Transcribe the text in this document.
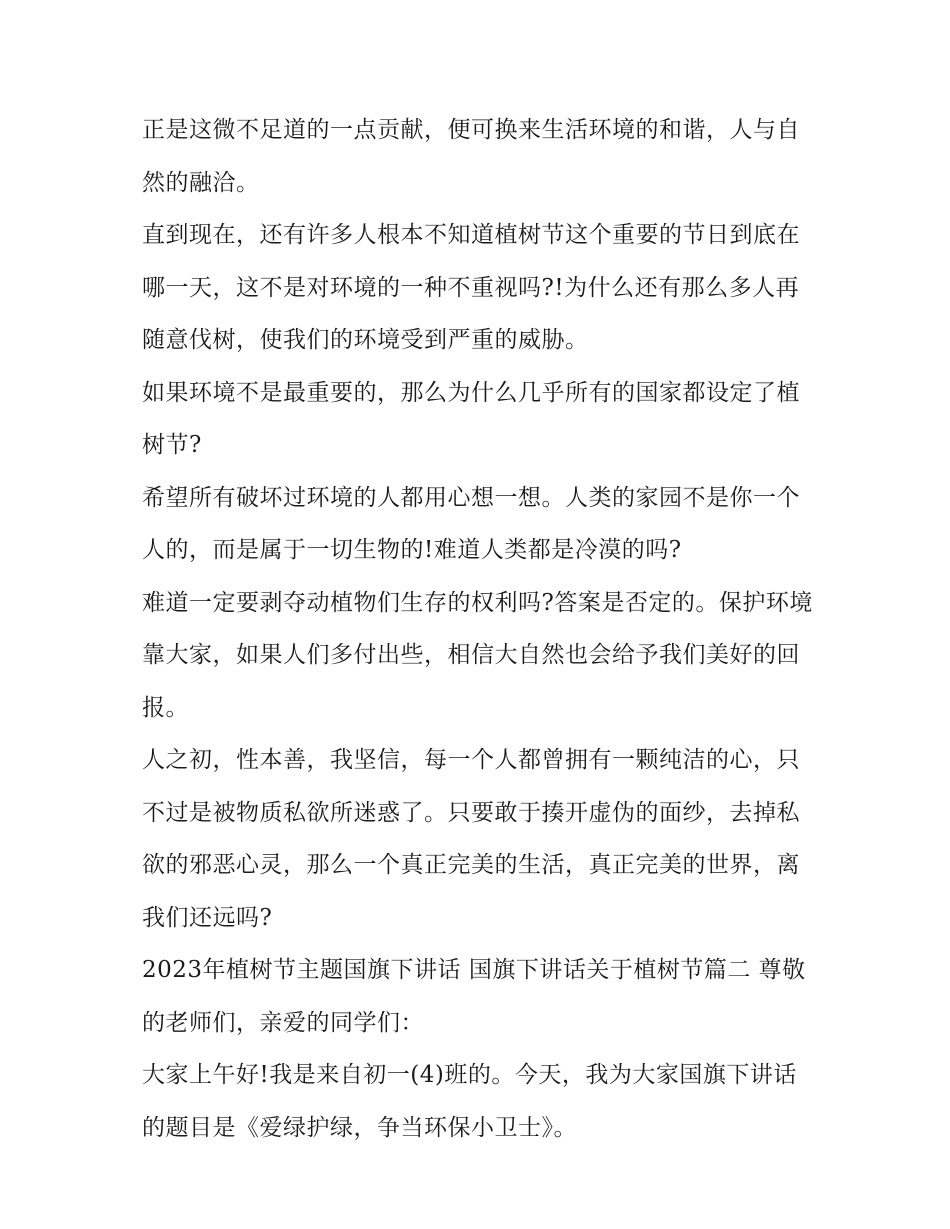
正是这微不足道的一点贡献，便可换来生活环境的和谐，人与自然的融洽。

直到现在，还有许多人根本不知道植树节这个重要的节日到底在哪一天，这不是对环境的一种不重视吗?!为什么还有那么多人再随意伐树，使我们的环境受到严重的威胁。

如果环境不是最重要的，那么为什么几乎所有的国家都设定了植树节?

希望所有破坏过环境的人都用心想一想。人类的家园不是你一个人的，而是属于一切生物的!难道人类都是冷漠的吗?

难道一定要剥夺动植物们生存的权利吗?答案是否定的。保护环境靠大家，如果人们多付出些，相信大自然也会给予我们美好的回报。

人之初，性本善，我坚信，每一个人都曾拥有一颗纯洁的心，只不过是被物质私欲所迷惑了。只要敢于揍开虚伪的面纱，去掉私欲的邪恶心灵，那么一个真正完美的生活，真正完美的世界，离我们还远吗?

2023年植树节主题国旗下讲话 国旗下讲话关于植树节篇二 尊敬的老师们，亲爱的同学们：

大家上午好!我是来自初一(4)班的。今天，我为大家国旗下讲话的题目是《爱绿护绿，争当环保小卫士》。
